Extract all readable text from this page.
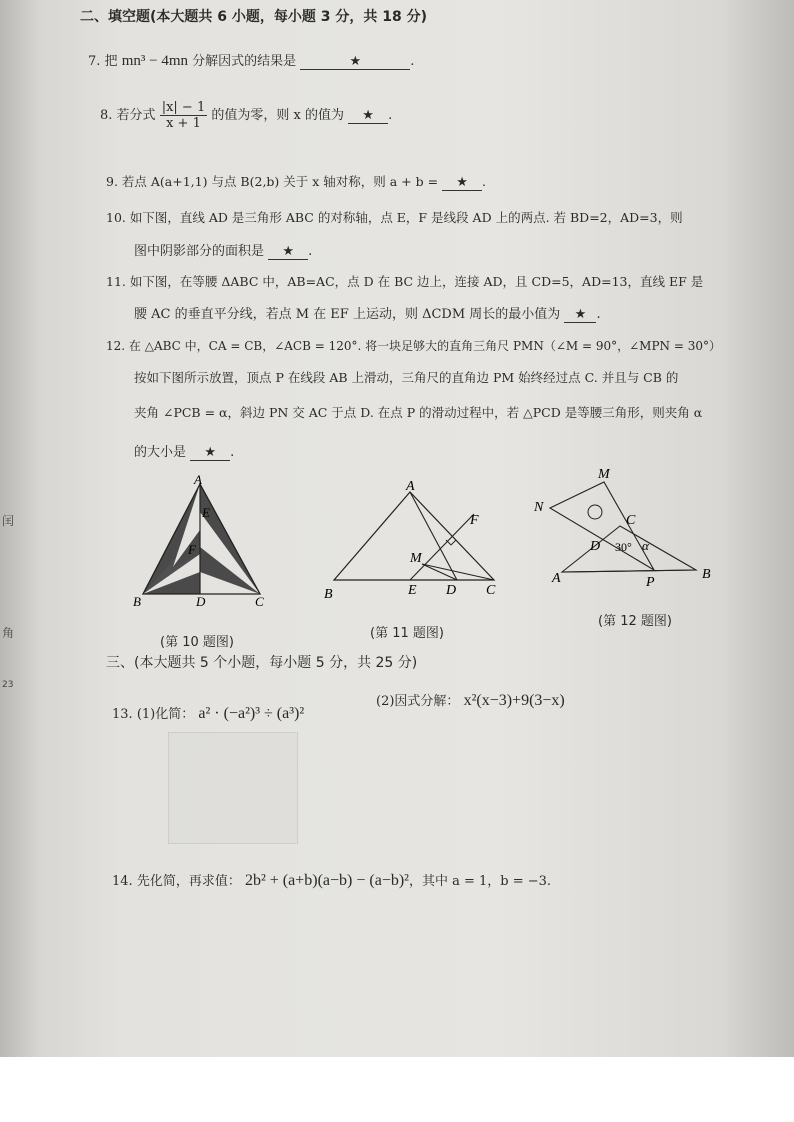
闰
角
23
二、填空题(本大题共 6 小题，每小题 3 分，共 18 分)
7. 把 mn³ − 4mn 分解因式的结果是	★	.
8. 若分式 $\frac{|x| - 1}{x + 1}$ 的值为零，则 x 的值为 ★ .
9. 若点 A(a+1,1) 与点 B(2,b) 关于 x 轴对称，则 a + b = ★ .
10. 如下图，直线 AD 是三角形 ABC 的对称轴，点 E，F 是线段 AD 上的两点. 若 BD=2，AD=3，则
图中阴影部分的面积是 ★ .
11. 如下图，在等腰 ΔABC 中，AB=AC，点 D 在 BC 边上，连接 AD，且 CD=5，AD=13，直线 EF 是
腰 AC 的垂直平分线，若点 M 在 EF 上运动，则 ΔCDM 周长的最小值为 ★ .
12. 在 △ABC 中，CA = CB，∠ACB = 120°. 将一块足够大的直角三角尺 PMN（∠M = 90°，∠MPN = 30°）
按如下图所示放置，顶点 P 在线段 AB 上滑动，三角尺的直角边 PM 始终经过点 C. 并且与 CB 的
夹角 ∠PCB = α，斜边 PN 交 AC 于点 D. 在点 P 的滑动过程中，若 △PCD 是等腰三角形，则夹角 α
的大小是 ★ .
A
E
F
B	D	C
(第 10 题图)
A
F
M
B	E D C
(第 11 题图)
M
N
C
D 30° α
A	P
B
(第 12 题图)
三、(本大题共 5 个小题，每小题 5 分，共 25 分)
13. (1)化简： a² · (−a²)³ ÷ (a³)²
(2)因式分解： x²(x−3)+9(3−x)
14. 先化简，再求值： 2b² + (a+b)(a−b) − (a−b)²，其中 a = 1，b = −3.
